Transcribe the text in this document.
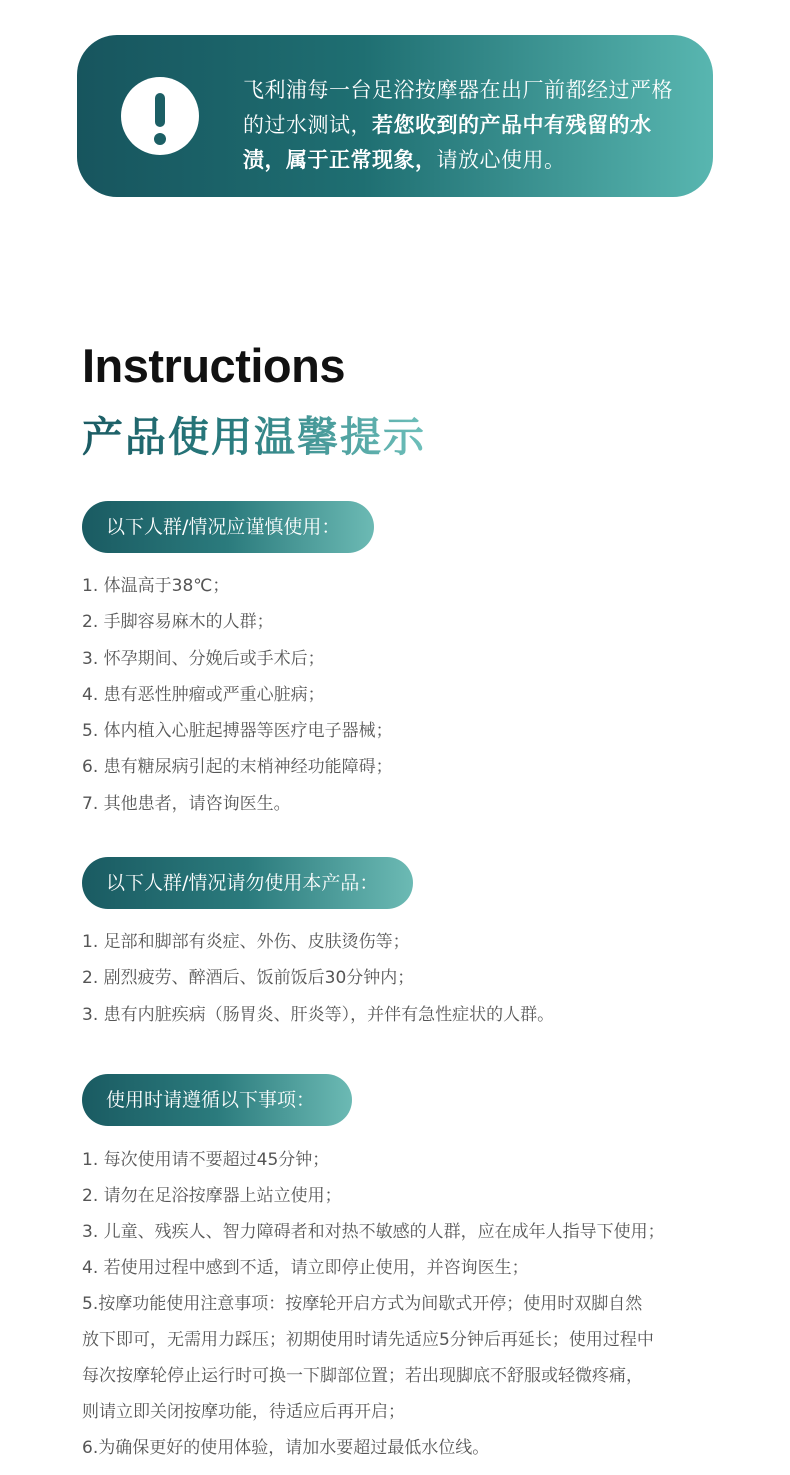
飞利浦每一台足浴按摩器在出厂前都经过严格的过水测试，若您收到的产品中有残留的水渍，属于正常现象，请放心使用。
Instructions
产品使用温馨提示
以下人群/情况应谨慎使用：
1. 体温高于38℃；
2. 手脚容易麻木的人群；
3. 怀孕期间、分娩后或手术后；
4. 患有恶性肿瘤或严重心脏病；
5. 体内植入心脏起搏器等医疗电子器械；
6. 患有糖尿病引起的末梢神经功能障碍；
7. 其他患者，请咨询医生。
以下人群/情况请勿使用本产品：
1. 足部和脚部有炎症、外伤、皮肤烫伤等；
2. 剧烈疲劳、醉酒后、饭前饭后30分钟内；
3. 患有内脏疾病（肠胃炎、肝炎等），并伴有急性症状的人群。
使用时请遵循以下事项：
1. 每次使用请不要超过45分钟；
2. 请勿在足浴按摩器上站立使用；
3. 儿童、残疾人、智力障碍者和对热不敏感的人群，应在成年人指导下使用；
4. 若使用过程中感到不适，请立即停止使用，并咨询医生；
5.按摩功能使用注意事项：按摩轮开启方式为间歇式开停；使用时双脚自然
放下即可，无需用力踩压；初期使用时请先适应5分钟后再延长；使用过程中
每次按摩轮停止运行时可换一下脚部位置；若出现脚底不舒服或轻微疼痛，
则请立即关闭按摩功能，待适应后再开启；
6.为确保更好的使用体验，请加水要超过最低水位线。
